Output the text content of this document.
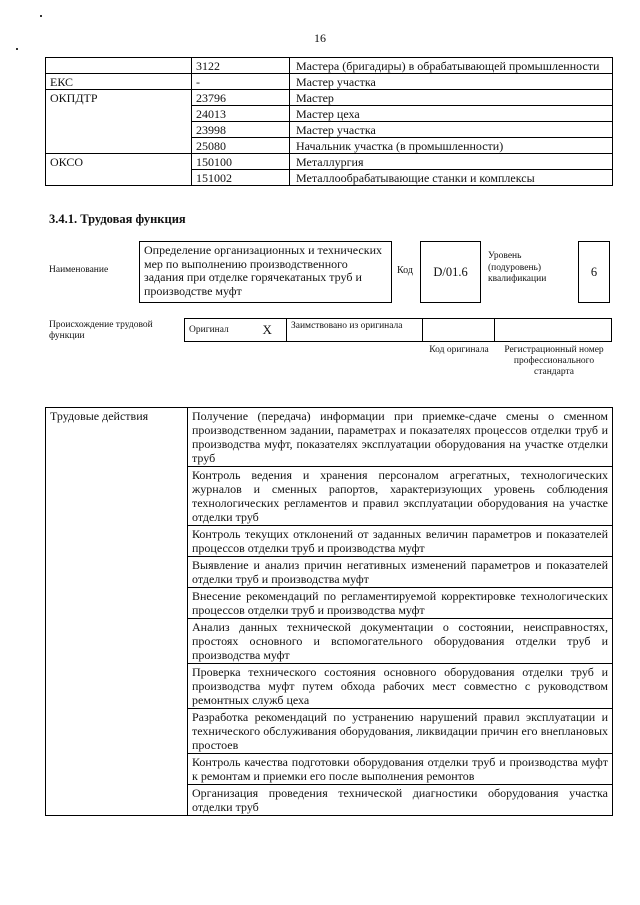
16
	3122	Мастера (бригадиры) в обрабатывающей промышленности
ЕКС	-	Мастер участка
ОКПДТР	23796	Мастер
	24013	Мастер цеха
	23998	Мастер участка
	25080	Начальник участка (в промышленности)
ОКСО	150100	Металлургия
	151002	Металлообрабатывающие станки и комплексы
3.4.1. Трудовая функция
Наименование
Определение организационных и технических мер по выполнению производственного задания при отделке горячекатаных труб и производстве муфт
Код	D/01.6
Уровень (подуровень) квалификации
6
Происхождение трудовой функции
Оригинал	X	Заимствовано из оригинала		
Код оригинала	Регистрационный номер профессионального стандарта
Трудовые действия	Получение (передача) информации при приемке-сдаче смены о сменном производственном задании, параметрах и показателях процессов отделки труб и производства муфт, показателях эксплуатации оборудования на участке отделки труб
Контроль ведения и хранения персоналом агрегатных, технологических журналов и сменных рапортов, характеризующих уровень соблюдения технологических регламентов и правил эксплуатации оборудования на участке отделки труб
Контроль текущих отклонений от заданных величин параметров и показателей процессов отделки труб и производства муфт
Выявление и анализ причин негативных изменений параметров и показателей отделки труб и производства муфт
Внесение рекомендаций по регламентируемой корректировке технологических процессов отделки труб и производства муфт
Анализ данных технической документации о состоянии, неисправностях, простоях основного и вспомогательного оборудования отделки труб и производства муфт
Проверка технического состояния основного оборудования отделки труб и производства муфт путем обхода рабочих мест совместно с руководством ремонтных служб цеха
Разработка рекомендаций по устранению нарушений правил эксплуатации и технического обслуживания оборудования, ликвидации причин его внеплановых простоев
Контроль качества подготовки оборудования отделки труб и производства муфт к ремонтам и приемки его после выполнения ремонтов
Организация проведения технической диагностики оборудования участка отделки труб
